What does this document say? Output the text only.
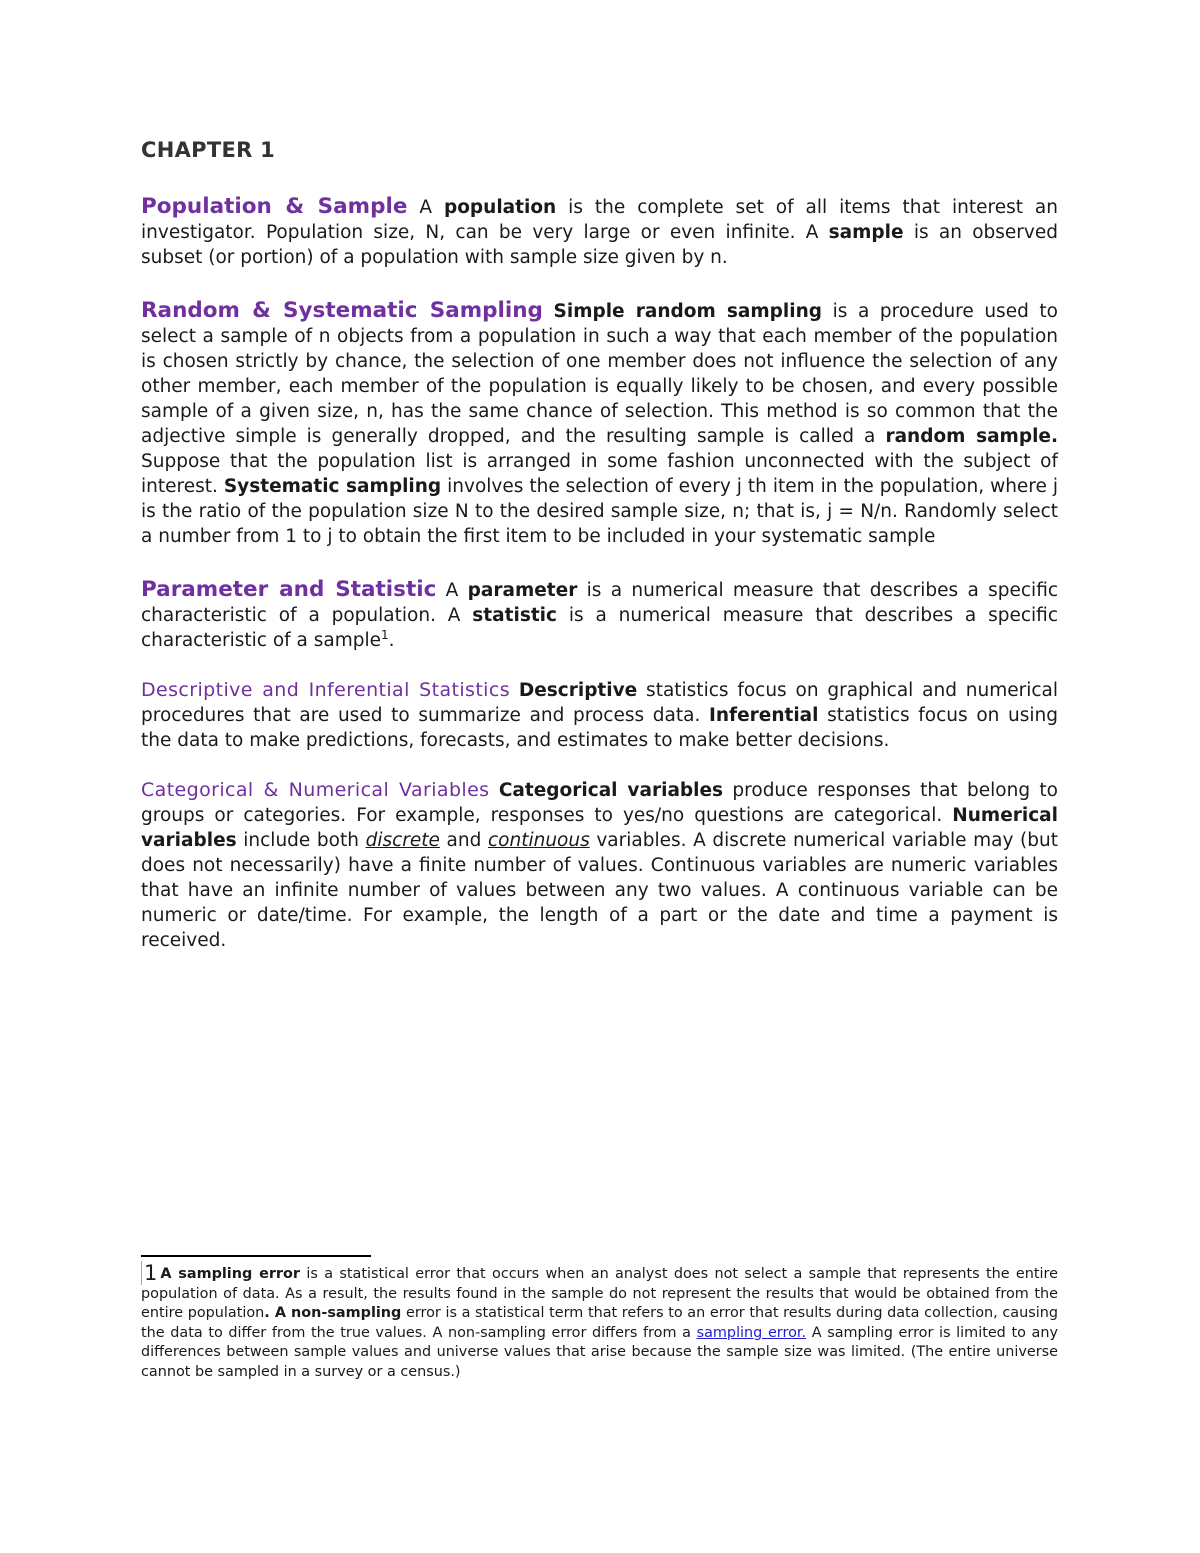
CHAPTER 1

Population & Sample A population is the complete set of all items that interest an investigator. Population size, N, can be very large or even infinite. A sample is an observed subset (or portion) of a population with sample size given by n.

Random & Systematic Sampling Simple random sampling is a procedure used to select a sample of n objects from a population in such a way that each member of the population is chosen strictly by chance, the selection of one member does not influence the selection of any other member, each member of the population is equally likely to be chosen, and every possible sample of a given size, n, has the same chance of selection. This method is so common that the adjective simple is generally dropped, and the resulting sample is called a random sample. Suppose that the population list is arranged in some fashion unconnected with the subject of interest. Systematic sampling involves the selection of every j th item in the population, where j is the ratio of the population size N to the desired sample size, n; that is, j = N/n. Randomly select a number from 1 to j to obtain the first item to be included in your systematic sample

Parameter and Statistic A parameter is a numerical measure that describes a specific characteristic of a population. A statistic is a numerical measure that describes a specific characteristic of a sample$^1$.

Descriptive and Inferential Statistics Descriptive statistics focus on graphical and numerical procedures that are used to summarize and process data. Inferential statistics focus on using the data to make predictions, forecasts, and estimates to make better decisions.

Categorical & Numerical Variables Categorical variables produce responses that belong to groups or categories. For example, responses to yes/no questions are categorical. Numerical variables include both discrete and continuous variables. A discrete numerical variable may (but does not necessarily) have a finite number of values. Continuous variables are numeric variables that have an infinite number of values between any two values. A continuous variable can be numeric or date/time. For example, the length of a part or the date and time a payment is received.

1 A sampling error is a statistical error that occurs when an analyst does not select a sample that represents the entire population of data. As a result, the results found in the sample do not represent the results that would be obtained from the entire population. A non-sampling error is a statistical term that refers to an error that results during data collection, causing the data to differ from the true values. A non-sampling error differs from a sampling error. A sampling error is limited to any differences between sample values and universe values that arise because the sample size was limited. (The entire universe cannot be sampled in a survey or a census.)
